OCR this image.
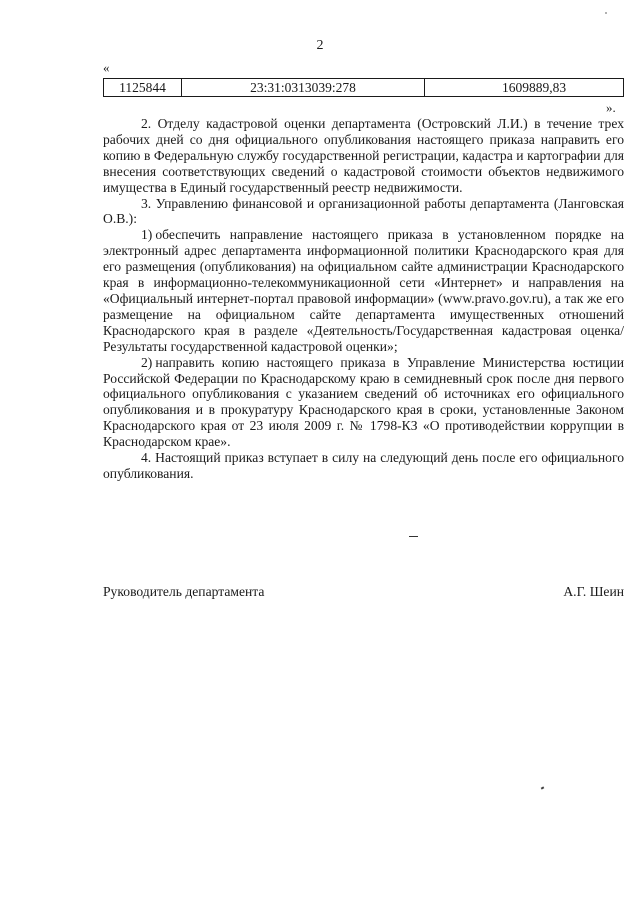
2
«
1125844	23:31:0313039:278	1609889,83
».

2. Отделу кадастровой оценки департамента (Островский Л.И.) в течение трех рабочих дней со дня официального опубликования настоящего приказа направить его копию в Федеральную службу государственной регистрации, кадастра и картографии для внесения соответствующих сведений о кадастровой стоимости объектов недвижимого имущества в Единый государственный реестр недвижимости.

3. Управлению финансовой и организационной работы департамента (Ланговская О.В.):

1) обеспечить направление настоящего приказа в установленном порядке на электронный адрес департамента информационной политики Краснодарского края для его размещения (опубликования) на официальном сайте администрации Краснодарского края в информационно-телекоммуникационной сети «Интернет» и направления на «Официальный интернет-портал правовой информации» (www.pravo.gov.ru), а так же его размещение на официальном сайте департамента имущественных отношений Краснодарского края в разделе «Деятельность/Государственная кадастровая оценка/Результаты государственной кадастровой оценки»;

2) направить копию настоящего приказа в Управление Министерства юстиции Российской Федерации по Краснодарскому краю в семидневный срок после дня первого официального опубликования с указанием сведений об источниках его официального опубликования и в прокуратуру Краснодарского края в сроки, установленные Законом Краснодарского края от 23 июля 2009 г. № 1798-КЗ «О противодействии коррупции в Краснодарском крае».

4. Настоящий приказ вступает в силу на следующий день после его официального опубликования.

Руководитель департамента	А.Г. Шеин
